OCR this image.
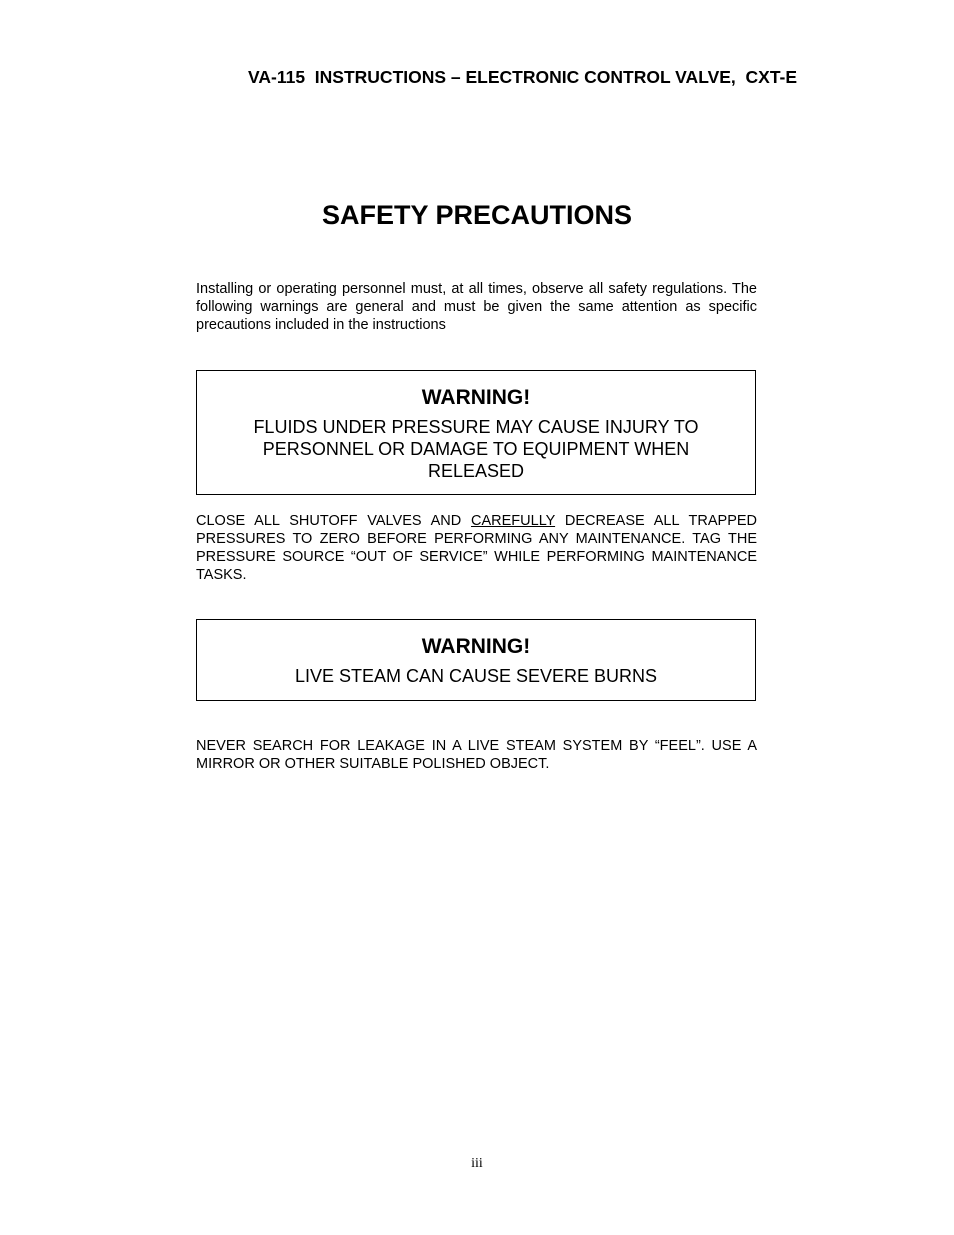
VA-115  INSTRUCTIONS – ELECTRONIC CONTROL VALVE,  CXT-E

SAFETY PRECAUTIONS

Installing or operating personnel must, at all times, observe all safety regulations. The following warnings are general and must be given the same attention as specific precautions included in the instructions

WARNING!

FLUIDS UNDER PRESSURE MAY CAUSE INJURY TO PERSONNEL OR DAMAGE TO EQUIPMENT WHEN RELEASED

CLOSE ALL SHUTOFF VALVES AND CAREFULLY DECREASE ALL TRAPPED PRESSURES TO ZERO BEFORE PERFORMING ANY MAINTENANCE. TAG THE PRESSURE SOURCE “OUT OF SERVICE” WHILE PERFORMING MAINTENANCE TASKS.

WARNING!

LIVE STEAM CAN CAUSE SEVERE BURNS

NEVER SEARCH FOR LEAKAGE IN A LIVE STEAM SYSTEM BY “FEEL”. USE A MIRROR OR OTHER SUITABLE POLISHED OBJECT.

iii
